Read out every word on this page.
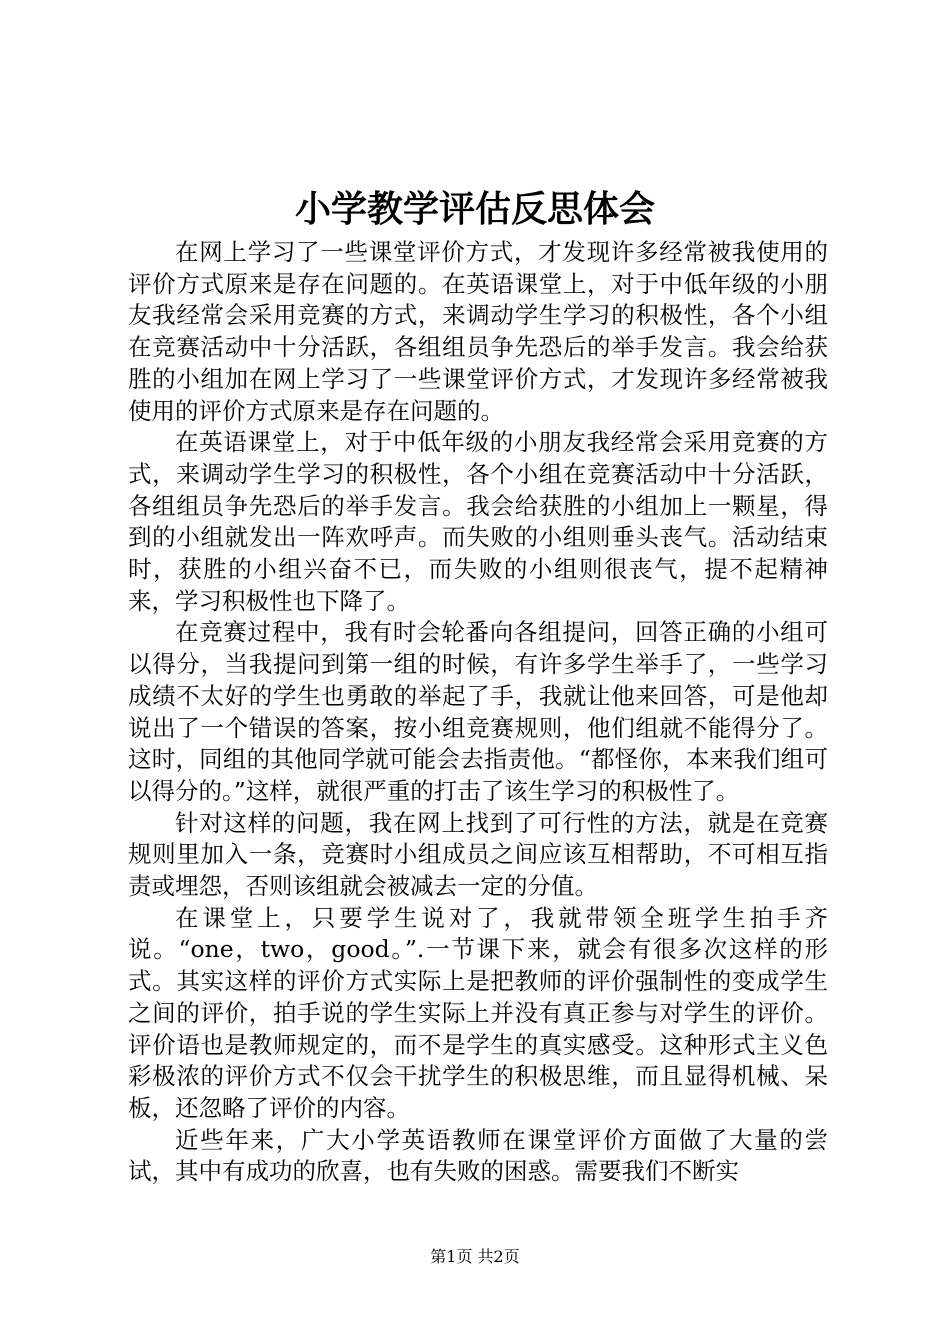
小学教学评估反思体会

在网上学习了一些课堂评价方式，才发现许多经常被我使用的评价方式原来是存在问题的。在英语课堂上，对于中低年级的小朋友我经常会采用竞赛的方式，来调动学生学习的积极性，各个小组在竞赛活动中十分活跃，各组组员争先恐后的举手发言。我会给获胜的小组加在网上学习了一些课堂评价方式，才发现许多经常被我使用的评价方式原来是存在问题的。

在英语课堂上，对于中低年级的小朋友我经常会采用竞赛的方式，来调动学生学习的积极性，各个小组在竞赛活动中十分活跃，各组组员争先恐后的举手发言。我会给获胜的小组加上一颗星，得到的小组就发出一阵欢呼声。而失败的小组则垂头丧气。活动结束时，获胜的小组兴奋不已，而失败的小组则很丧气，提不起精神来，学习积极性也下降了。

在竞赛过程中，我有时会轮番向各组提问，回答正确的小组可以得分，当我提问到第一组的时候，有许多学生举手了，一些学习成绩不太好的学生也勇敢的举起了手，我就让他来回答，可是他却说出了一个错误的答案，按小组竞赛规则，他们组就不能得分了。这时，同组的其他同学就可能会去指责他。“都怪你，本来我们组可以得分的。”这样，就很严重的打击了该生学习的积极性了。

针对这样的问题，我在网上找到了可行性的方法，就是在竞赛规则里加入一条，竞赛时小组成员之间应该互相帮助，不可相互指责或埋怨，否则该组就会被减去一定的分值。

在课堂上，只要学生说对了，我就带领全班学生拍手齐说。“one，two，good。”.一节课下来，就会有很多次这样的形式。其实这样的评价方式实际上是把教师的评价强制性的变成学生之间的评价，拍手说的学生实际上并没有真正参与对学生的评价。评价语也是教师规定的，而不是学生的真实感受。这种形式主义色彩极浓的评价方式不仅会干扰学生的积极思维，而且显得机械、呆板，还忽略了评价的内容。

近些年来，广大小学英语教师在课堂评价方面做了大量的尝试，其中有成功的欣喜，也有失败的困惑。需要我们不断实

第1页 共2页
